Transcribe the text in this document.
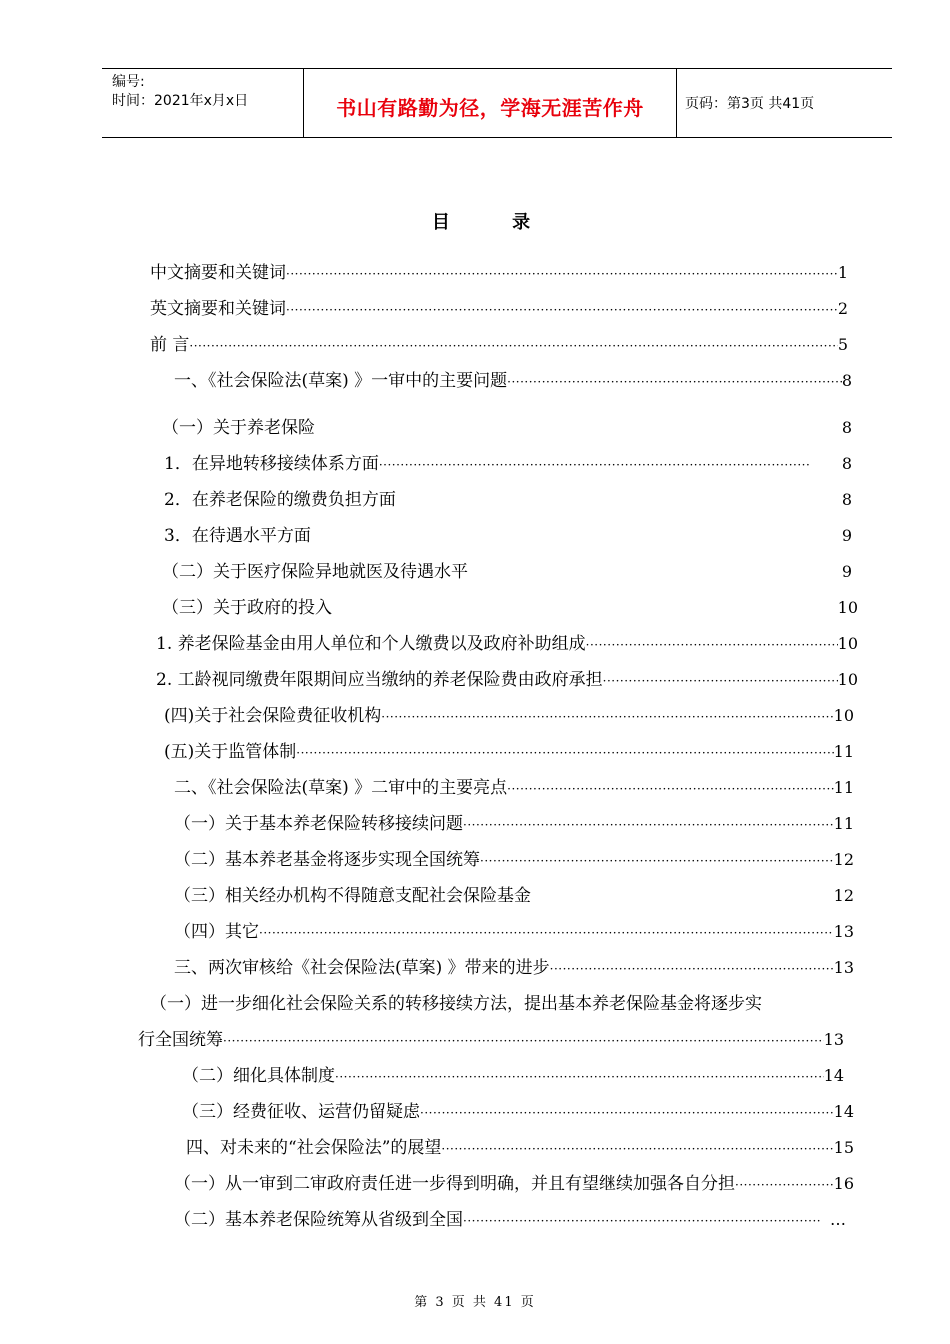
编号:
时间：2021年x月x日	书山有路勤为径，学海无涯苦作舟	页码：第3页 共41页
目 录
中文摘要和关键词 ·····	1
英文摘要和关键词 ·····	2
前 言 ·····	5
一、《社会保险法(草案) 》一审中的主要问题 ·····	8
（一）关于养老保险	8
1．在异地转移接续体系方面 ·····	8
2．在养老保险的缴费负担方面	8
3．在待遇水平方面	9
（二）关于医疗保险异地就医及待遇水平	9
（三）关于政府的投入	10
1. 养老保险基金由用人单位和个人缴费以及政府补助组成 ·····	10
2. 工龄视同缴费年限期间应当缴纳的养老保险费由政府承担 ·····	10
(四)关于社会保险费征收机构 ·····	10
(五)关于监管体制 ·····	11
二、《社会保险法(草案) 》二审中的主要亮点 ·····	11
（一）关于基本养老保险转移接续问题 ·····	11
（二）基本养老基金将逐步实现全国统筹 ·····	12
（三）相关经办机构不得随意支配社会保险基金	12
（四）其它 ·····	13
三、两次审核给《社会保险法(草案) 》带来的进步 ·····	13
（一）进一步细化社会保险关系的转移接续方法，提出基本养老保险基金将逐步实
行全国统筹 ·····	13
（二）细化具体制度 ·····	14
（三）经费征收、运营仍留疑虑 ·····	14
四、对未来的“社会保险法”的展望 ·····	15
（一）从一审到二审政府责任进一步得到明确，并且有望继续加强各自分担 ·····	16
（二）基本养老保险统筹从省级到全国 ·····	…
第 3 页 共 41 页
